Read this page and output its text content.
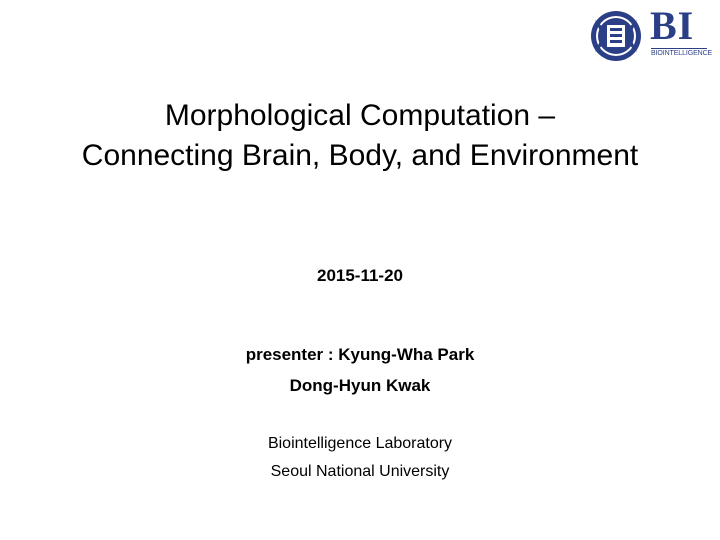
BI
BIOINTELLIGENCE
Morphological Computation –
Connecting Brain, Body, and Environment
2015-11-20
presenter : Kyung-Wha Park
Dong-Hyun Kwak
Biointelligence Laboratory
Seoul National University
